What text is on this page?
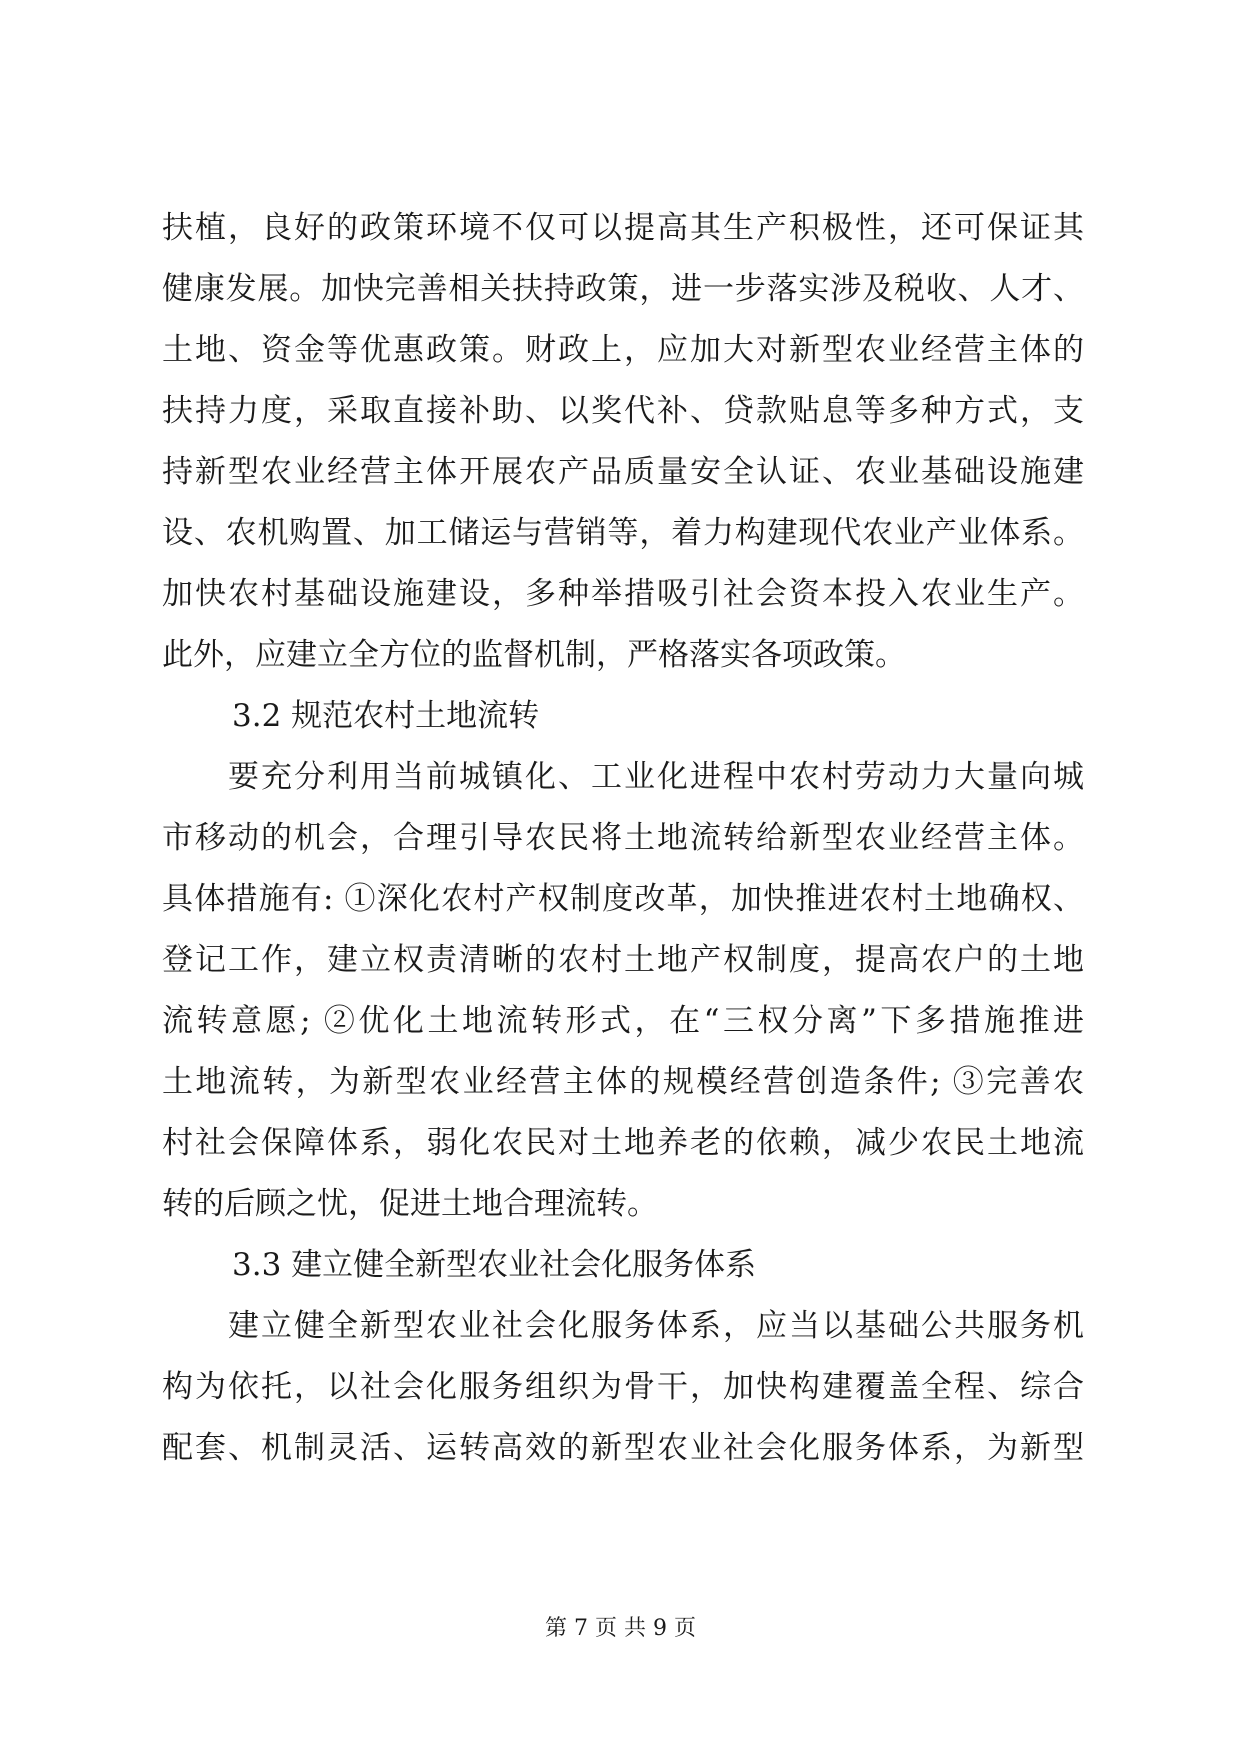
扶植，良好的政策环境不仅可以提高其生产积极性，还可保证其
健康发展。加快完善相关扶持政策，进一步落实涉及税收、人才、
土地、资金等优惠政策。财政上，应加大对新型农业经营主体的
扶持力度，采取直接补助、以奖代补、贷款贴息等多种方式，支
持新型农业经营主体开展农产品质量安全认证、农业基础设施建
设、农机购置、加工储运与营销等，着力构建现代农业产业体系。
加快农村基础设施建设，多种举措吸引社会资本投入农业生产。
此外，应建立全方位的监督机制，严格落实各项政策。
3.2 规范农村土地流转
　　要充分利用当前城镇化、工业化进程中农村劳动力大量向城
市移动的机会，合理引导农民将土地流转给新型农业经营主体。
具体措施有: ①深化农村产权制度改革，加快推进农村土地确权、
登记工作，建立权责清晰的农村土地产权制度，提高农户的土地
流转意愿; ②优化土地流转形式，在“三权分离”下多措施推进
土地流转，为新型农业经营主体的规模经营创造条件; ③完善农
村社会保障体系，弱化农民对土地养老的依赖，减少农民土地流
转的后顾之忧，促进土地合理流转。
3.3 建立健全新型农业社会化服务体系
　　建立健全新型农业社会化服务体系，应当以基础公共服务机
构为依托，以社会化服务组织为骨干，加快构建覆盖全程、综合
配套、机制灵活、运转高效的新型农业社会化服务体系，为新型
第 7 页 共 9 页
